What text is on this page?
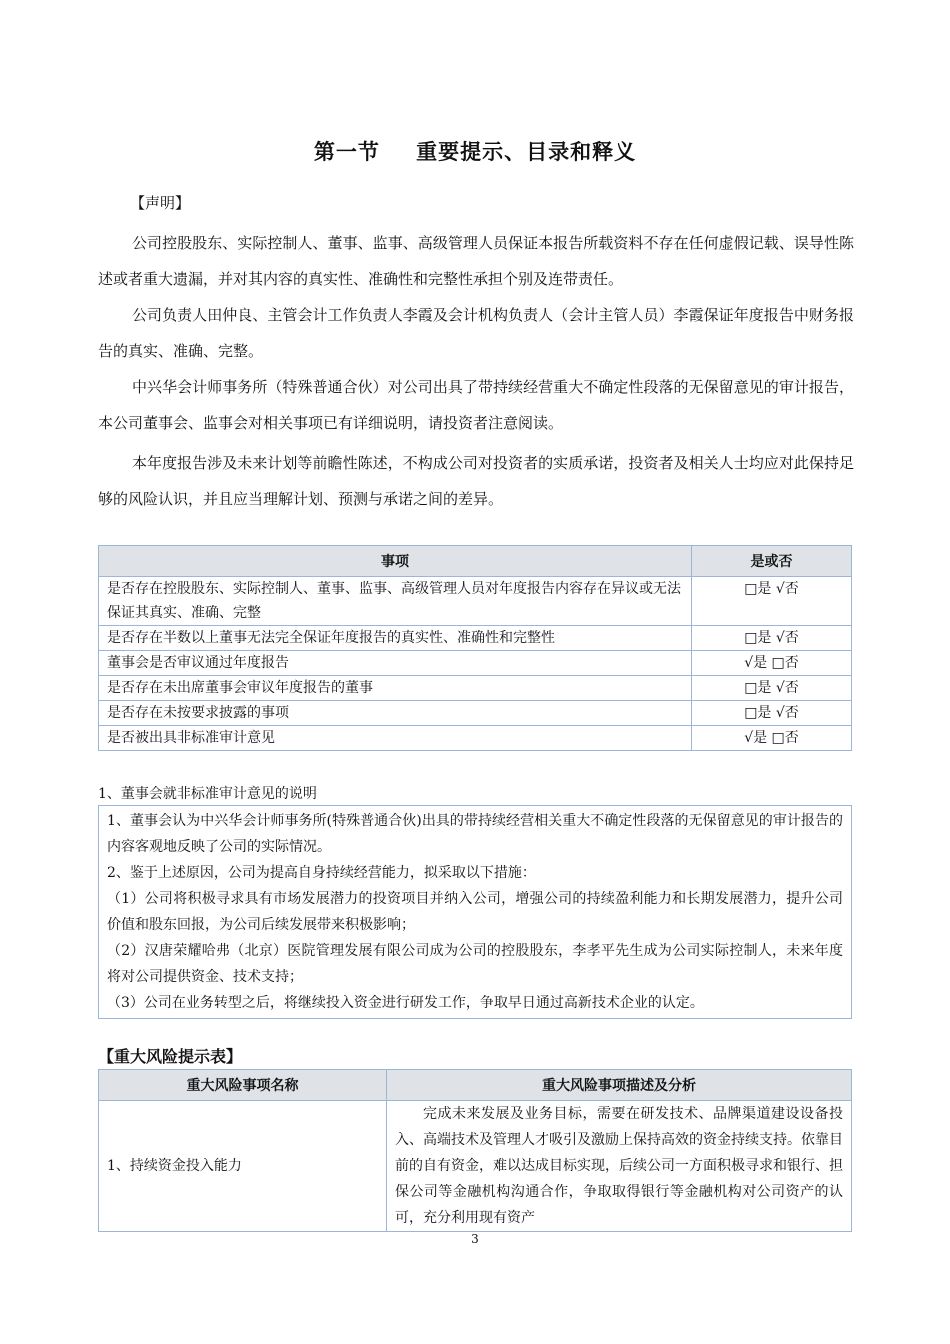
第一节 重要提示、目录和释义
【声明】
公司控股股东、实际控制人、董事、监事、高级管理人员保证本报告所载资料不存在任何虚假记载、误导性陈述或者重大遗漏，并对其内容的真实性、准确性和完整性承担个别及连带责任。
公司负责人田仲良、主管会计工作负责人李霞及会计机构负责人（会计主管人员）李霞保证年度报告中财务报告的真实、准确、完整。
中兴华会计师事务所（特殊普通合伙）对公司出具了带持续经营重大不确定性段落的无保留意见的审计报告，本公司董事会、监事会对相关事项已有详细说明，请投资者注意阅读。
本年度报告涉及未来计划等前瞻性陈述，不构成公司对投资者的实质承诺，投资者及相关人士均应对此保持足够的风险认识，并且应当理解计划、预测与承诺之间的差异。
事项	是或否
是否存在控股股东、实际控制人、董事、监事、高级管理人员对年度报告内容存在异议或无法保证其真实、准确、完整	□是 √否
是否存在半数以上董事无法完全保证年度报告的真实性、准确性和完整性	□是 √否
董事会是否审议通过年度报告	√是 □否
是否存在未出席董事会审议年度报告的董事	□是 √否
是否存在未按要求披露的事项	□是 √否
是否被出具非标准审计意见	√是 □否
1、董事会就非标准审计意见的说明
1、董事会认为中兴华会计师事务所(特殊普通合伙)出具的带持续经营相关重大不确定性段落的无保留意见的审计报告的内容客观地反映了公司的实际情况。
2、鉴于上述原因，公司为提高自身持续经营能力，拟采取以下措施：
（1）公司将积极寻求具有市场发展潜力的投资项目并纳入公司，增强公司的持续盈利能力和长期发展潜力，提升公司价值和股东回报，为公司后续发展带来积极影响；
（2）汉唐荣耀哈弗（北京）医院管理发展有限公司成为公司的控股股东，李孝平先生成为公司实际控制人，未来年度将对公司提供资金、技术支持；
（3）公司在业务转型之后，将继续投入资金进行研发工作，争取早日通过高新技术企业的认定。
【重大风险提示表】
重大风险事项名称	重大风险事项描述及分析
1、持续资金投入能力	完成未来发展及业务目标，需要在研发技术、品牌渠道建设设备投入、高端技术及管理人才吸引及激励上保持高效的资金持续支持。依靠目前的自有资金，难以达成目标实现，后续公司一方面积极寻求和银行、担保公司等金融机构沟通合作，争取取得银行等金融机构对公司资产的认可，充分利用现有资产
3
